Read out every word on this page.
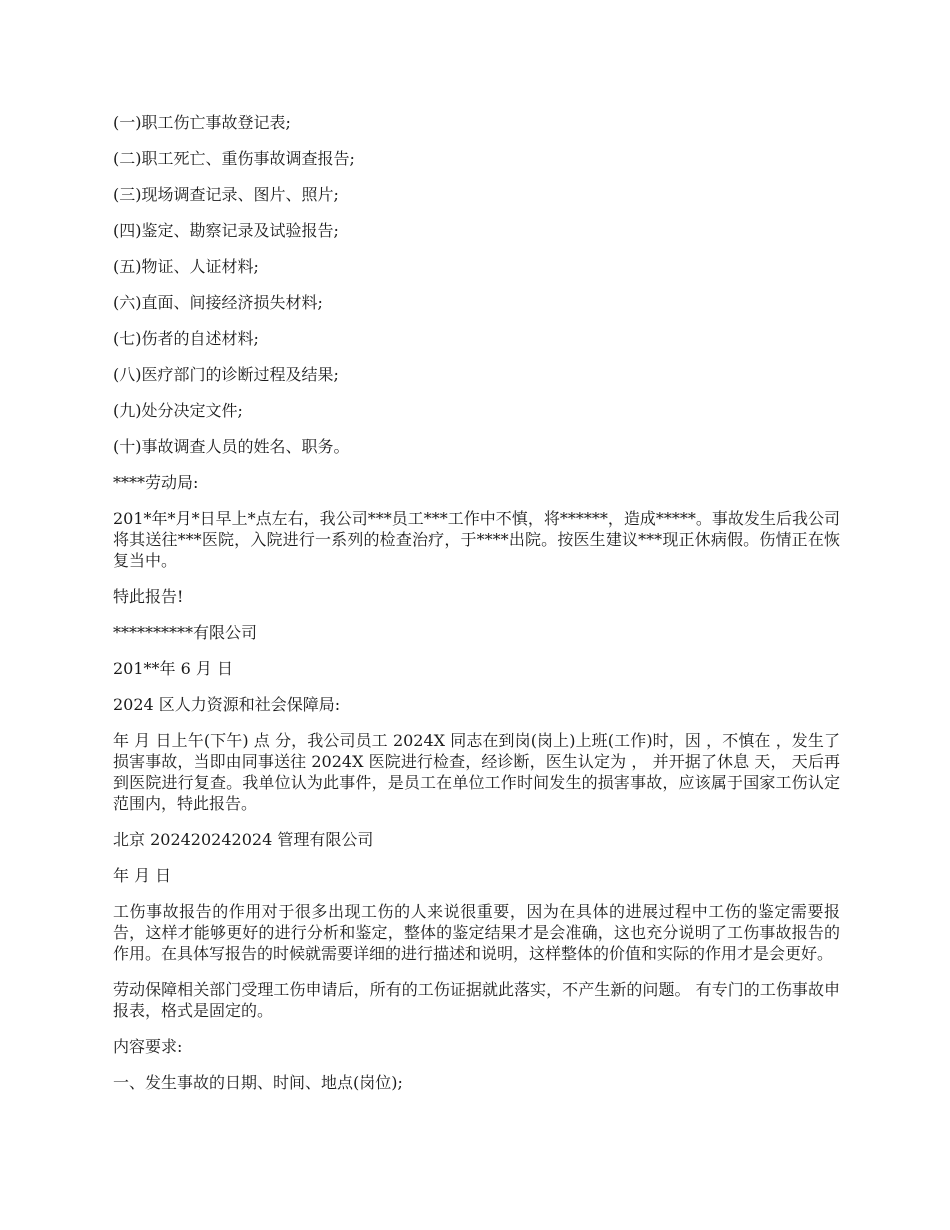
(一)职工伤亡事故登记表;
(二)职工死亡、重伤事故调查报告;
(三)现场调查记录、图片、照片;
(四)鉴定、勘察记录及试验报告;
(五)物证、人证材料;
(六)直面、间接经济损失材料;
(七)伤者的自述材料;
(八)医疗部门的诊断过程及结果;
(九)处分决定文件;
(十)事故调查人员的姓名、职务。
****劳动局:
201*年*月*日早上*点左右，我公司***员工***工作中不慎，将******，造成*****。事故发生后我公司将其送往***医院，入院进行一系列的检查治疗，于****出院。按医生建议***现正休病假。伤情正在恢复当中。
特此报告!
**********有限公司
201**年 6 月 日
2024 区人力资源和社会保障局:
年 月 日上午(下午) 点 分，我公司员工 2024X 同志在到岗(岗上)上班(工作)时，因 ，不慎在 ，发生了损害事故，当即由同事送往 2024X 医院进行检查，经诊断，医生认定为 ， 并开据了休息 天， 天后再到医院进行复查。我单位认为此事件，是员工在单位工作时间发生的损害事故，应该属于国家工伤认定范围内，特此报告。
北京 202420242024 管理有限公司
年 月 日
工伤事故报告的作用对于很多出现工伤的人来说很重要，因为在具体的进展过程中工伤的鉴定需要报告，这样才能够更好的进行分析和鉴定，整体的鉴定结果才是会准确，这也充分说明了工伤事故报告的作用。在具体写报告的时候就需要详细的进行描述和说明，这样整体的价值和实际的作用才是会更好。
劳动保障相关部门受理工伤申请后，所有的工伤证据就此落实，不产生新的问题。 有专门的工伤事故申报表，格式是固定的。
内容要求:
一、发生事故的日期、时间、地点(岗位);
